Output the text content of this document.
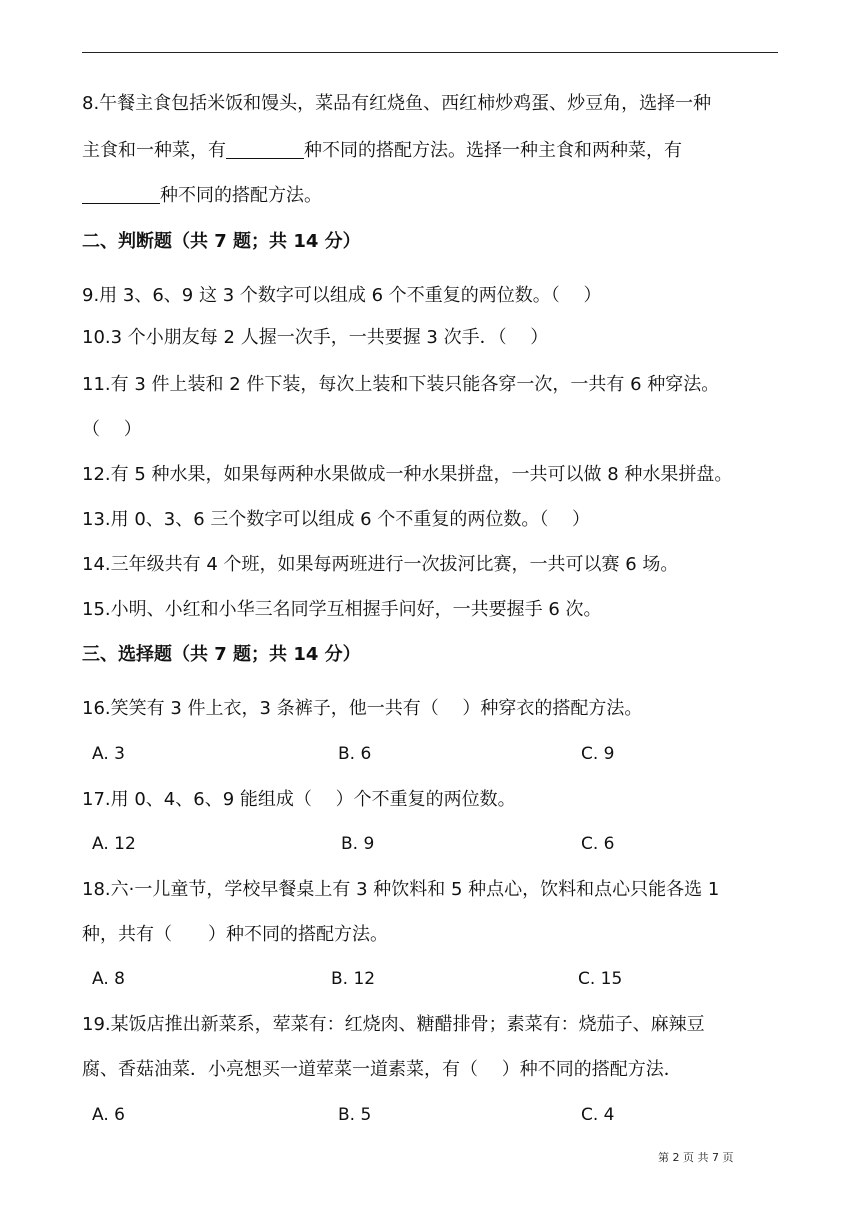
8.午餐主食包括米饭和馒头，菜品有红烧鱼、西红柿炒鸡蛋、炒豆角，选择一种
主食和一种菜，有	种不同的搭配方法。选择一种主食和两种菜，有
种不同的搭配方法。
二、判断题（共 7 题；共 14 分）
9.用 3、6、9 这 3 个数字可以组成 6 个不重复的两位数。（　 ）
10.3 个小朋友每 2 人握一次手，一共要握 3 次手．（　 ）
11.有 3 件上装和 2 件下装，每次上装和下装只能各穿一次，一共有 6 种穿法。
（　 ）
12.有 5 种水果，如果每两种水果做成一种水果拼盘，一共可以做 8 种水果拼盘。
13.用 0、3、6 三个数字可以组成 6 个不重复的两位数。（　 ）
14.三年级共有 4 个班，如果每两班进行一次拔河比赛，一共可以赛 6 场。
15.小明、小红和小华三名同学互相握手问好，一共要握手 6 次。
三、选择题（共 7 题；共 14 分）
16.笑笑有 3 件上衣，3 条裤子，他一共有（　 ）种穿衣的搭配方法。
A. 3	B. 6	C. 9
17.用 0、4、6、9 能组成（　 ）个不重复的两位数。
A. 12	B. 9	C. 6
18.六·一儿童节，学校早餐桌上有 3 种饮料和 5 种点心，饮料和点心只能各选 1
种，共有（　　）种不同的搭配方法。
A. 8	B. 12	C. 15
19.某饭店推出新菜系，荤菜有：红烧肉、糖醋排骨；素菜有：烧茄子、麻辣豆
腐、香菇油菜．小亮想买一道荤菜一道素菜，有（　 ）种不同的搭配方法．
A. 6	B. 5	C. 4
第 2 页 共 7 页
